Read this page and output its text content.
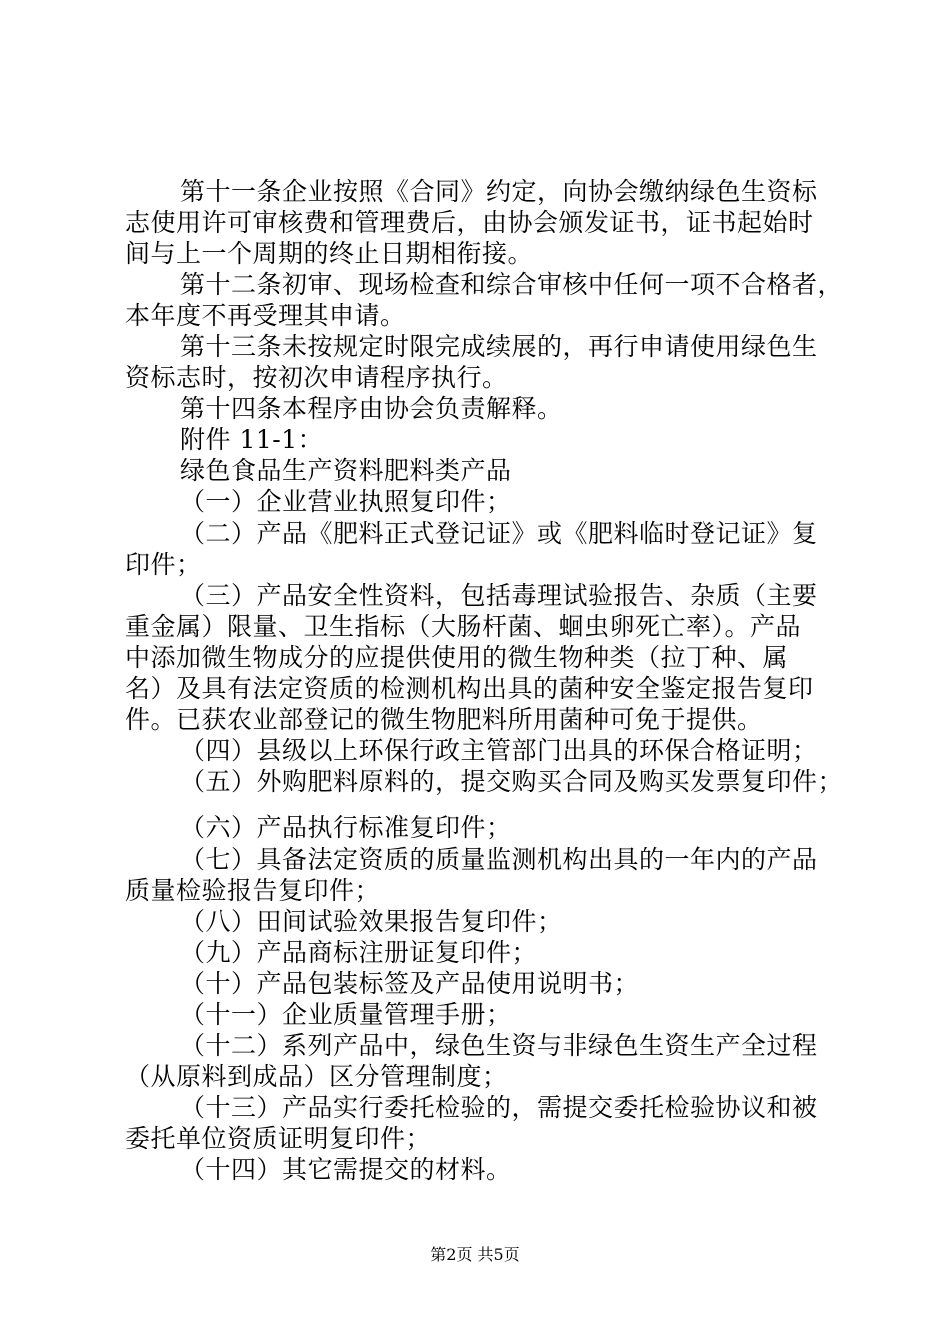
第十一条企业按照《合同》约定，向协会缴纳绿色生资标
志使用许可审核费和管理费后，由协会颁发证书，证书起始时
间与上一个周期的终止日期相衔接。
第十二条初审、现场检查和综合审核中任何一项不合格者，
本年度不再受理其申请。
第十三条未按规定时限完成续展的，再行申请使用绿色生
资标志时，按初次申请程序执行。
第十四条本程序由协会负责解释。
附件 11-1：
绿色食品生产资料肥料类产品
（一）企业营业执照复印件；
（二）产品《肥料正式登记证》或《肥料临时登记证》复
印件；
（三）产品安全性资料，包括毒理试验报告、杂质（主要
重金属）限量、卫生指标（大肠杆菌、蛔虫卵死亡率）。产品
中添加微生物成分的应提供使用的微生物种类（拉丁种、属
名）及具有法定资质的检测机构出具的菌种安全鉴定报告复印
件。已获农业部登记的微生物肥料所用菌种可免于提供。
（四）县级以上环保行政主管部门出具的环保合格证明；
（五）外购肥料原料的，提交购买合同及购买发票复印件；
（六）产品执行标准复印件；
（七）具备法定资质的质量监测机构出具的一年内的产品
质量检验报告复印件；
（八）田间试验效果报告复印件；
（九）产品商标注册证复印件；
（十）产品包装标签及产品使用说明书；
（十一）企业质量管理手册；
（十二）系列产品中，绿色生资与非绿色生资生产全过程
（从原料到成品）区分管理制度；
（十三）产品实行委托检验的，需提交委托检验协议和被
委托单位资质证明复印件；
（十四）其它需提交的材料。
第2页 共5页
